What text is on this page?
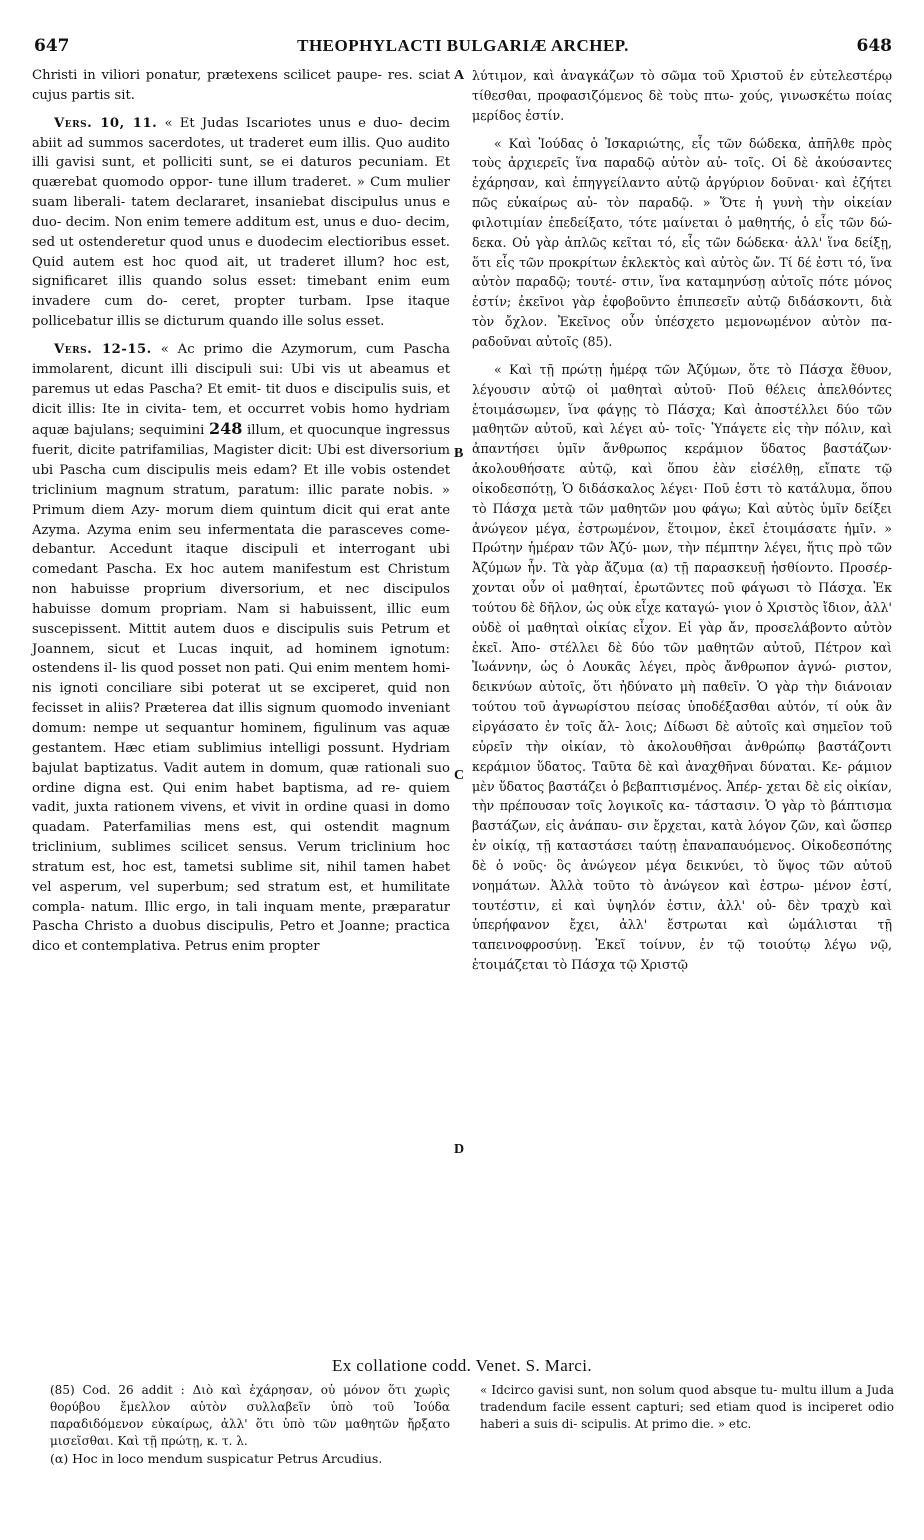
647	THEOPHYLACTI BULGARIÆ ARCHEP.	648

Christi in viliori ponatur, prætexens scilicet paupe- res. sciat cujus partis sit.

Vers. 10, 11. « Et Judas Iscariotes unus e duo- decim abiit ad summos sacerdotes, ut traderet eum illis. Quo audito illi gavisi sunt, et polliciti sunt, se ei daturos pecuniam. Et quærebat quomodo oppor- tune illum traderet. » Cum mulier suam liberali- tatem declararet, insaniebat discipulus unus e duo- decim. Non enim temere additum est, unus e duo- decim, sed ut ostenderetur quod unus e duodecim electioribus esset. Quid autem est hoc quod ait, ut traderet illum? hoc est, significaret illis quando solus esset: timebant enim eum invadere cum do- ceret, propter turbam. Ipse itaque pollicebatur illis se dicturum quando ille solus esset.

Vers. 12-15. « Ac primo die Azymorum, cum Pascha immolarent, dicunt illi discipuli sui: Ubi vis ut abeamus et paremus ut edas Pascha? Et emit- tit duos e discipulis suis, et dicit illis: Ite in civita- tem, et occurret vobis homo hydriam aquæ bajulans; sequimini 248 illum, et quocunque ingressus fuerit, dicite patrifamilias, Magister dicit: Ubi est diversorium ubi Pascha cum discipulis meis edam? Et ille vobis ostendet triclinium magnum stratum, paratum: illic parate nobis. » Primum diem Azy- morum diem quintum dicit qui erat ante Azyma. Azyma enim seu infermentata die parasceves come- debantur. Accedunt itaque discipuli et interrogant ubi comedant Pascha. Ex hoc autem manifestum est Christum non habuisse proprium diversorium, et nec discipulos habuisse domum propriam. Nam si habuissent, illic eum suscepissent. Mittit autem duos e discipulis suis Petrum et Joannem, sicut et Lucas inquit, ad hominem ignotum: ostendens il- lis quod posset non pati. Qui enim mentem homi- nis ignoti conciliare sibi poterat ut se exciperet, quid non fecisset in aliis? Præterea dat illis signum quomodo inveniant domum: nempe ut sequantur hominem, figulinum vas aquæ gestantem. Hæc etiam sublimius intelligi possunt. Hydriam bajulat baptizatus. Vadit autem in domum, quæ rationali suo ordine digna est. Qui enim habet baptisma, ad re- quiem vadit, juxta rationem vivens, et vivit in ordine quasi in domo quadam. Paterfamilias mens est, qui ostendit magnum triclinium, sublimes scilicet sensus. Verum triclinium hoc stratum est, hoc est, tametsi sublime sit, nihil tamen habet vel asperum, vel superbum; sed stratum est, et humilitate compla- natum. Illic ergo, in tali inquam mente, præparatur Pascha Christo a duobus discipulis, Petro et Joanne; practica dico et contemplativa. Petrus enim propter

A
B
C
D

λύτιμον, καὶ ἀναγκάζων τὸ σῶμα τοῦ Χριστοῦ ἐν εὐτελεστέρῳ τίθεσθαι, προφασιζόμενος δὲ τοὺς πτω- χούς, γινωσκέτω ποίας μερίδος ἐστίν.

« Καὶ Ἰούδας ὁ Ἰσκαριώτης, εἷς τῶν δώδεκα, ἀπῆλθε πρὸς τοὺς ἀρχιερεῖς ἵνα παραδῷ αὐτὸν αὐ- τοῖς. Οἱ δὲ ἀκούσαντες ἐχάρησαν, καὶ ἐπηγγείλαντο αὐτῷ ἀργύριον δοῦναι· καὶ ἐζήτει πῶς εὐκαίρως αὐ- τὸν παραδῷ. » Ὅτε ἡ γυνὴ τὴν οἰκείαν φιλοτιμίαν ἐπεδείξατο, τότε μαίνεται ὁ μαθητής, ὁ εἷς τῶν δώ- δεκα. Οὐ γὰρ ἁπλῶς κεῖται τό, εἷς τῶν δώδεκα· ἀλλ' ἵνα δείξῃ, ὅτι εἷς τῶν προκρίτων ἐκλεκτὸς καὶ αὐτὸς ὤν. Τί δέ ἐστι τό, ἵνα αὐτὸν παραδῷ; τουτέ- στιν, ἵνα καταμηνύσῃ αὐτοῖς πότε μόνος ἐστίν; ἐκεῖνοι γὰρ ἐφοβοῦντο ἐπιπεσεῖν αὐτῷ διδάσκοντι, διὰ τὸν ὄχλον. Ἐκεῖνος οὖν ὑπέσχετο μεμονωμένον αὐτὸν πα- ραδοῦναι αὐτοῖς (85).

« Καὶ τῇ πρώτῃ ἡμέρᾳ τῶν Ἀζύμων, ὅτε τὸ Πάσχα ἔθυον, λέγουσιν αὐτῷ οἱ μαθηταὶ αὐτοῦ· Ποῦ θέλεις ἀπελθόντες ἑτοιμάσωμεν, ἵνα φάγῃς τὸ Πάσχα; Καὶ ἀποστέλλει δύο τῶν μαθητῶν αὐτοῦ, καὶ λέγει αὐ- τοῖς· Ὑπάγετε εἰς τὴν πόλιν, καὶ ἀπαντήσει ὑμῖν ἄνθρωπος κεράμιον ὕδατος βαστάζων· ἀκολουθήσατε αὐτῷ, καὶ ὅπου ἐὰν εἰσέλθῃ, εἴπατε τῷ οἰκοδεσπότῃ, Ὁ διδάσκαλος λέγει· Ποῦ ἐστι τὸ κατάλυμα, ὅπου τὸ Πάσχα μετὰ τῶν μαθητῶν μου φάγω; Καὶ αὐτὸς ὑμῖν δείξει ἀνώγεον μέγα, ἐστρωμένον, ἕτοιμον, ἐκεῖ ἑτοιμάσατε ἡμῖν. » Πρώτην ἡμέραν τῶν Ἀζύ- μων, τὴν πέμπτην λέγει, ἥτις πρὸ τῶν Ἀζύμων ἦν. Τὰ γὰρ ἄζυμα (α) τῇ παρασκευῇ ἠσθίοντο. Προσέρ- χονται οὖν οἱ μαθηταί, ἐρωτῶντες ποῦ φάγωσι τὸ Πάσχα. Ἐκ τούτου δὲ δῆλον, ὡς οὐκ εἶχε καταγώ- γιον ὁ Χριστὸς ἴδιον, ἀλλ' οὐδὲ οἱ μαθηταὶ οἰκίας εἶχον. Εἰ γὰρ ἄν, προσελάβοντο αὐτὸν ἐκεῖ. Ἀπο- στέλλει δὲ δύο τῶν μαθητῶν αὐτοῦ, Πέτρον καὶ Ἰωάννην, ὡς ὁ Λουκᾶς λέγει, πρὸς ἄνθρωπον ἀγνώ- ριστον, δεικνύων αὐτοῖς, ὅτι ἠδύνατο μὴ παθεῖν. Ὁ γὰρ τὴν διάνοιαν τούτου τοῦ ἀγνωρίστου πείσας ὑποδέξασθαι αὐτόν, τί οὐκ ἂν εἰργάσατο ἐν τοῖς ἄλ- λοις; Δίδωσι δὲ αὐτοῖς καὶ σημεῖον τοῦ εὑρεῖν τὴν οἰκίαν, τὸ ἀκολουθῆσαι ἀνθρώπῳ βαστάζοντι κεράμιον ὕδατος. Ταῦτα δὲ καὶ ἀναχθῆναι δύναται. Κε- ράμιον μὲν ὕδατος βαστάζει ὁ βεβαπτισμένος. Ἀπέρ- χεται δὲ εἰς οἰκίαν, τὴν πρέπουσαν τοῖς λογικοῖς κα- τάστασιν. Ὁ γὰρ τὸ βάπτισμα βαστάζων, εἰς ἀνάπαυ- σιν ἔρχεται, κατὰ λόγον ζῶν, καὶ ὥσπερ ἐν οἰκίᾳ, τῇ καταστάσει ταύτῃ ἐπαναπαυόμενος. Οἰκοδεσπότης δὲ ὁ νοῦς· ὃς ἀνώγεον μέγα δεικνύει, τὸ ὕψος τῶν αὐτοῦ νοημάτων. Ἀλλὰ τοῦτο τὸ ἀνώγεον καὶ ἐστρω- μένον ἐστί, τουτέστιν, εἰ καὶ ὑψηλόν ἐστιν, ἀλλ' οὐ- δὲν τραχὺ καὶ ὑπερήφανον ἔχει, ἀλλ' ἔστρωται καὶ ὡμάλισται τῇ ταπεινοφροσύνῃ. Ἐκεῖ τοίνυν, ἐν τῷ τοιούτῳ λέγω νῷ, ἑτοιμάζεται τὸ Πάσχα τῷ Χριστῷ

Ex collatione codd. Venet. S. Marci.
(85) Cod. 26 addit : Διὸ καὶ ἐχάρησαν, οὐ μόνον ὅτι χωρὶς θορύβου ἔμελλον αὐτὸν συλλαβεῖν ὑπὸ τοῦ Ἰούδα παραδιδόμενον εὐκαίρως, ἀλλ' ὅτι ὑπὸ τῶν μαθητῶν ἤρξατο μισεῖσθαι. Καὶ τῇ πρώτῃ, κ. τ. λ.
« Idcirco gavisi sunt, non solum quod absque tu- multu illum a Juda tradendum facile essent capturi; sed etiam quod is inciperet odio haberi a suis di- scipulis. At primo die. » etc.
(α) Hoc in loco mendum suspicatur Petrus Arcudius.
